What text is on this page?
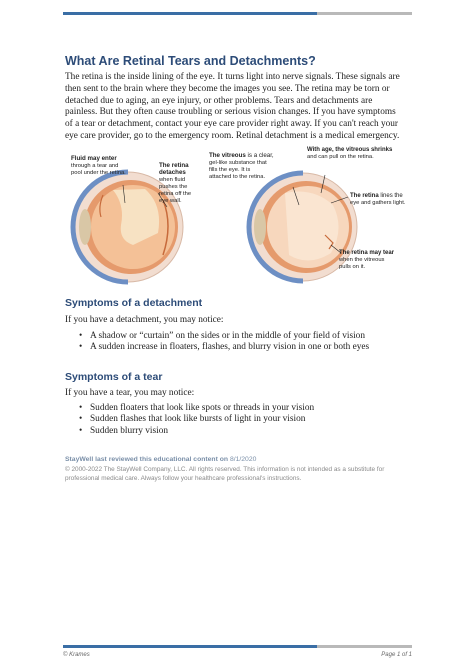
What Are Retinal Tears and Detachments?

The retina is the inside lining of the eye. It turns light into nerve signals. These signals are then sent to the brain where they become the images you see. The retina may be torn or detached due to aging, an eye injury, or other problems. Tears and detachments are painless. But they often cause troubling or serious vision changes. If you have symptoms of a tear or detachment, contact your eye care provider right away. If you can't reach your eye care provider, go to the emergency room. Retinal detachment is a medical emergency.

Fluid may enter
through a tear and
pool under the retina.
The retina
detaches
when fluid
pushes the
retina off the
eye wall.
The vitreous is a clear,
gel-like substance that
fills the eye. It is
attached to the retina.
With age, the vitreous shrinks
and can pull on the retina.
The retina lines the
eye and gathers light.
The retina may tear
when the vitreous
pulls on it.
Symptoms of a detachment

If you have a detachment, you may notice:

• A shadow or “curtain” on the sides or in the middle of your field of vision
• A sudden increase in floaters, flashes, and blurry vision in one or both eyes
Symptoms of a tear

If you have a tear, you may notice:

• Sudden floaters that look like spots or threads in your vision
• Sudden flashes that look like bursts of light in your vision
• Sudden blurry vision

StayWell last reviewed this educational content on 8/1/2020

© 2000-2022 The StayWell Company, LLC. All rights reserved. This information is not intended as a substitute for professional medical care. Always follow your healthcare professional's instructions.

© Krames	Page 1 of 1
